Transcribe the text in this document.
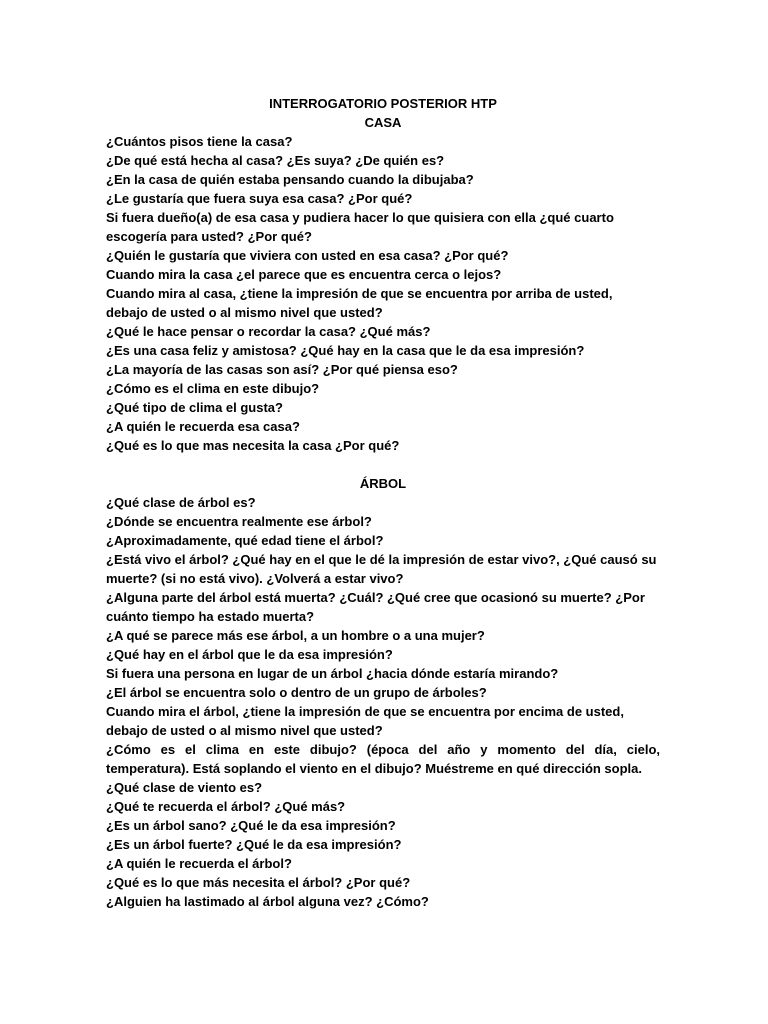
INTERROGATORIO POSTERIOR HTP
CASA
¿Cuántos pisos tiene la casa?
¿De qué está hecha al casa? ¿Es suya? ¿De quién es?
¿En la casa de quién estaba pensando cuando la dibujaba?
¿Le gustaría que fuera suya esa casa? ¿Por qué?
Si fuera dueño(a) de esa casa y pudiera hacer lo que quisiera con ella ¿qué cuarto
escogería para usted? ¿Por qué?
¿Quién le gustaría que viviera con usted en esa casa? ¿Por qué?
Cuando mira la casa ¿el parece que es encuentra cerca o lejos?
Cuando mira al casa, ¿tiene la impresión de que se encuentra por arriba de usted,
debajo de usted o al mismo nivel que usted?
¿Qué le hace pensar o recordar la casa? ¿Qué más?
¿Es una casa feliz y amistosa? ¿Qué hay en la casa que le da esa impresión?
¿La mayoría de las casas son así? ¿Por qué piensa eso?
¿Cómo es el clima en este dibujo?
¿Qué tipo de clima el gusta?
¿A quién le recuerda esa casa?
¿Qué es lo que mas necesita la casa ¿Por qué?
ÁRBOL
¿Qué clase de árbol es?
¿Dónde se encuentra realmente ese árbol?
¿Aproximadamente, qué edad tiene el árbol?
¿Está vivo el árbol? ¿Qué hay en el que le dé la impresión de estar vivo?, ¿Qué causó su
muerte? (si no está vivo). ¿Volverá a estar vivo?
¿Alguna parte del árbol está muerta? ¿Cuál? ¿Qué cree que ocasionó su muerte? ¿Por
cuánto tiempo ha estado muerta?
¿A qué se parece más ese árbol, a un hombre o a una mujer?
¿Qué hay en el árbol que le da esa impresión?
Si fuera una persona en lugar de un árbol ¿hacia dónde estaría mirando?
¿El árbol se encuentra solo o dentro de un grupo de árboles?
Cuando mira el árbol, ¿tiene la impresión de que se encuentra por encima de usted,
debajo de usted o al mismo nivel que usted?
¿Cómo es el clima en este dibujo? (época del año y momento del día, cielo,
temperatura). Está soplando el viento en el dibujo? Muéstreme en qué dirección sopla.
¿Qué clase de viento es?
¿Qué te recuerda el árbol? ¿Qué más?
¿Es un árbol sano? ¿Qué le da esa impresión?
¿Es un árbol fuerte? ¿Qué le da esa impresión?
¿A quién le recuerda el árbol?
¿Qué es lo que más necesita el árbol? ¿Por qué?
¿Alguien ha lastimado al árbol alguna vez? ¿Cómo?
